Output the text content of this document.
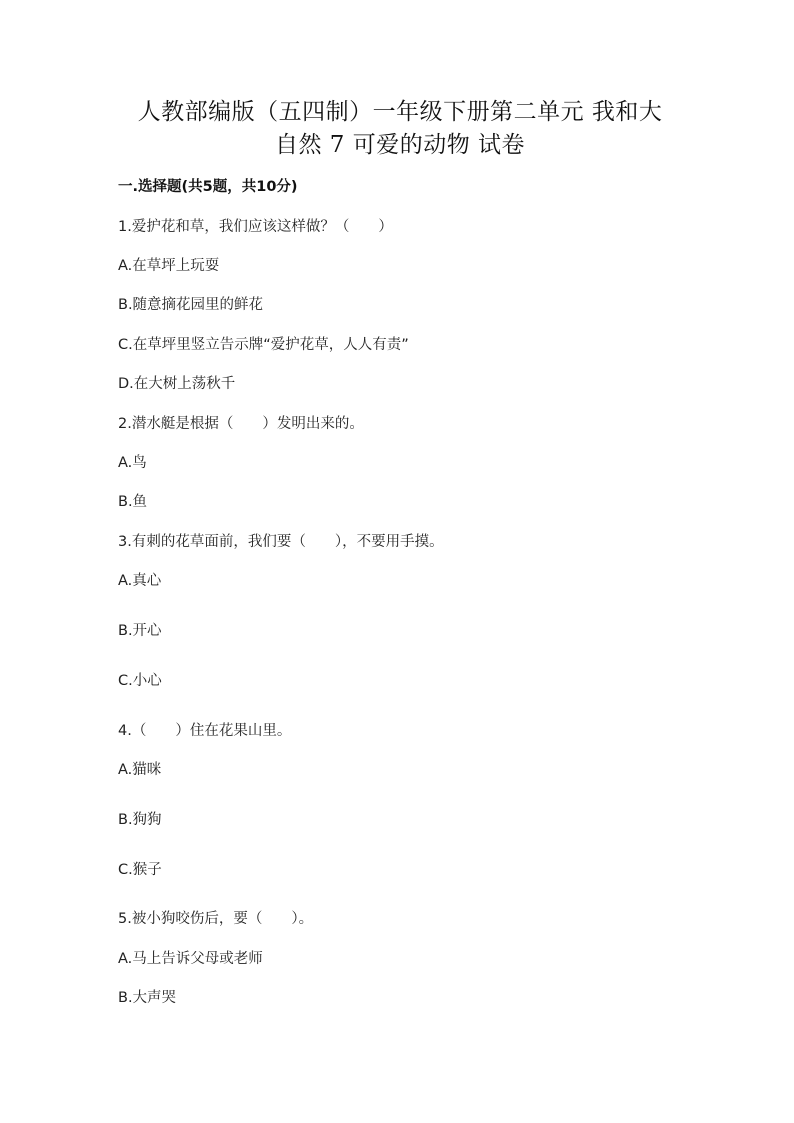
人教部编版（五四制）一年级下册第二单元 我和大
自然 7 可爱的动物 试卷
一.选择题(共5题，共10分)
1.爱护花和草，我们应该这样做？（　　）
A.在草坪上玩耍
B.随意摘花园里的鲜花
C.在草坪里竖立告示牌“爱护花草，人人有责”
D.在大树上荡秋千
2.潜水艇是根据（　　）发明出来的。
A.鸟
B.鱼
3.有刺的花草面前，我们要（　　），不要用手摸。
A.真心
B.开心
C.小心
4.（　　）住在花果山里。
A.猫咪
B.狗狗
C.猴子
5.被小狗咬伤后，要（　　）。
A.马上告诉父母或老师
B.大声哭
